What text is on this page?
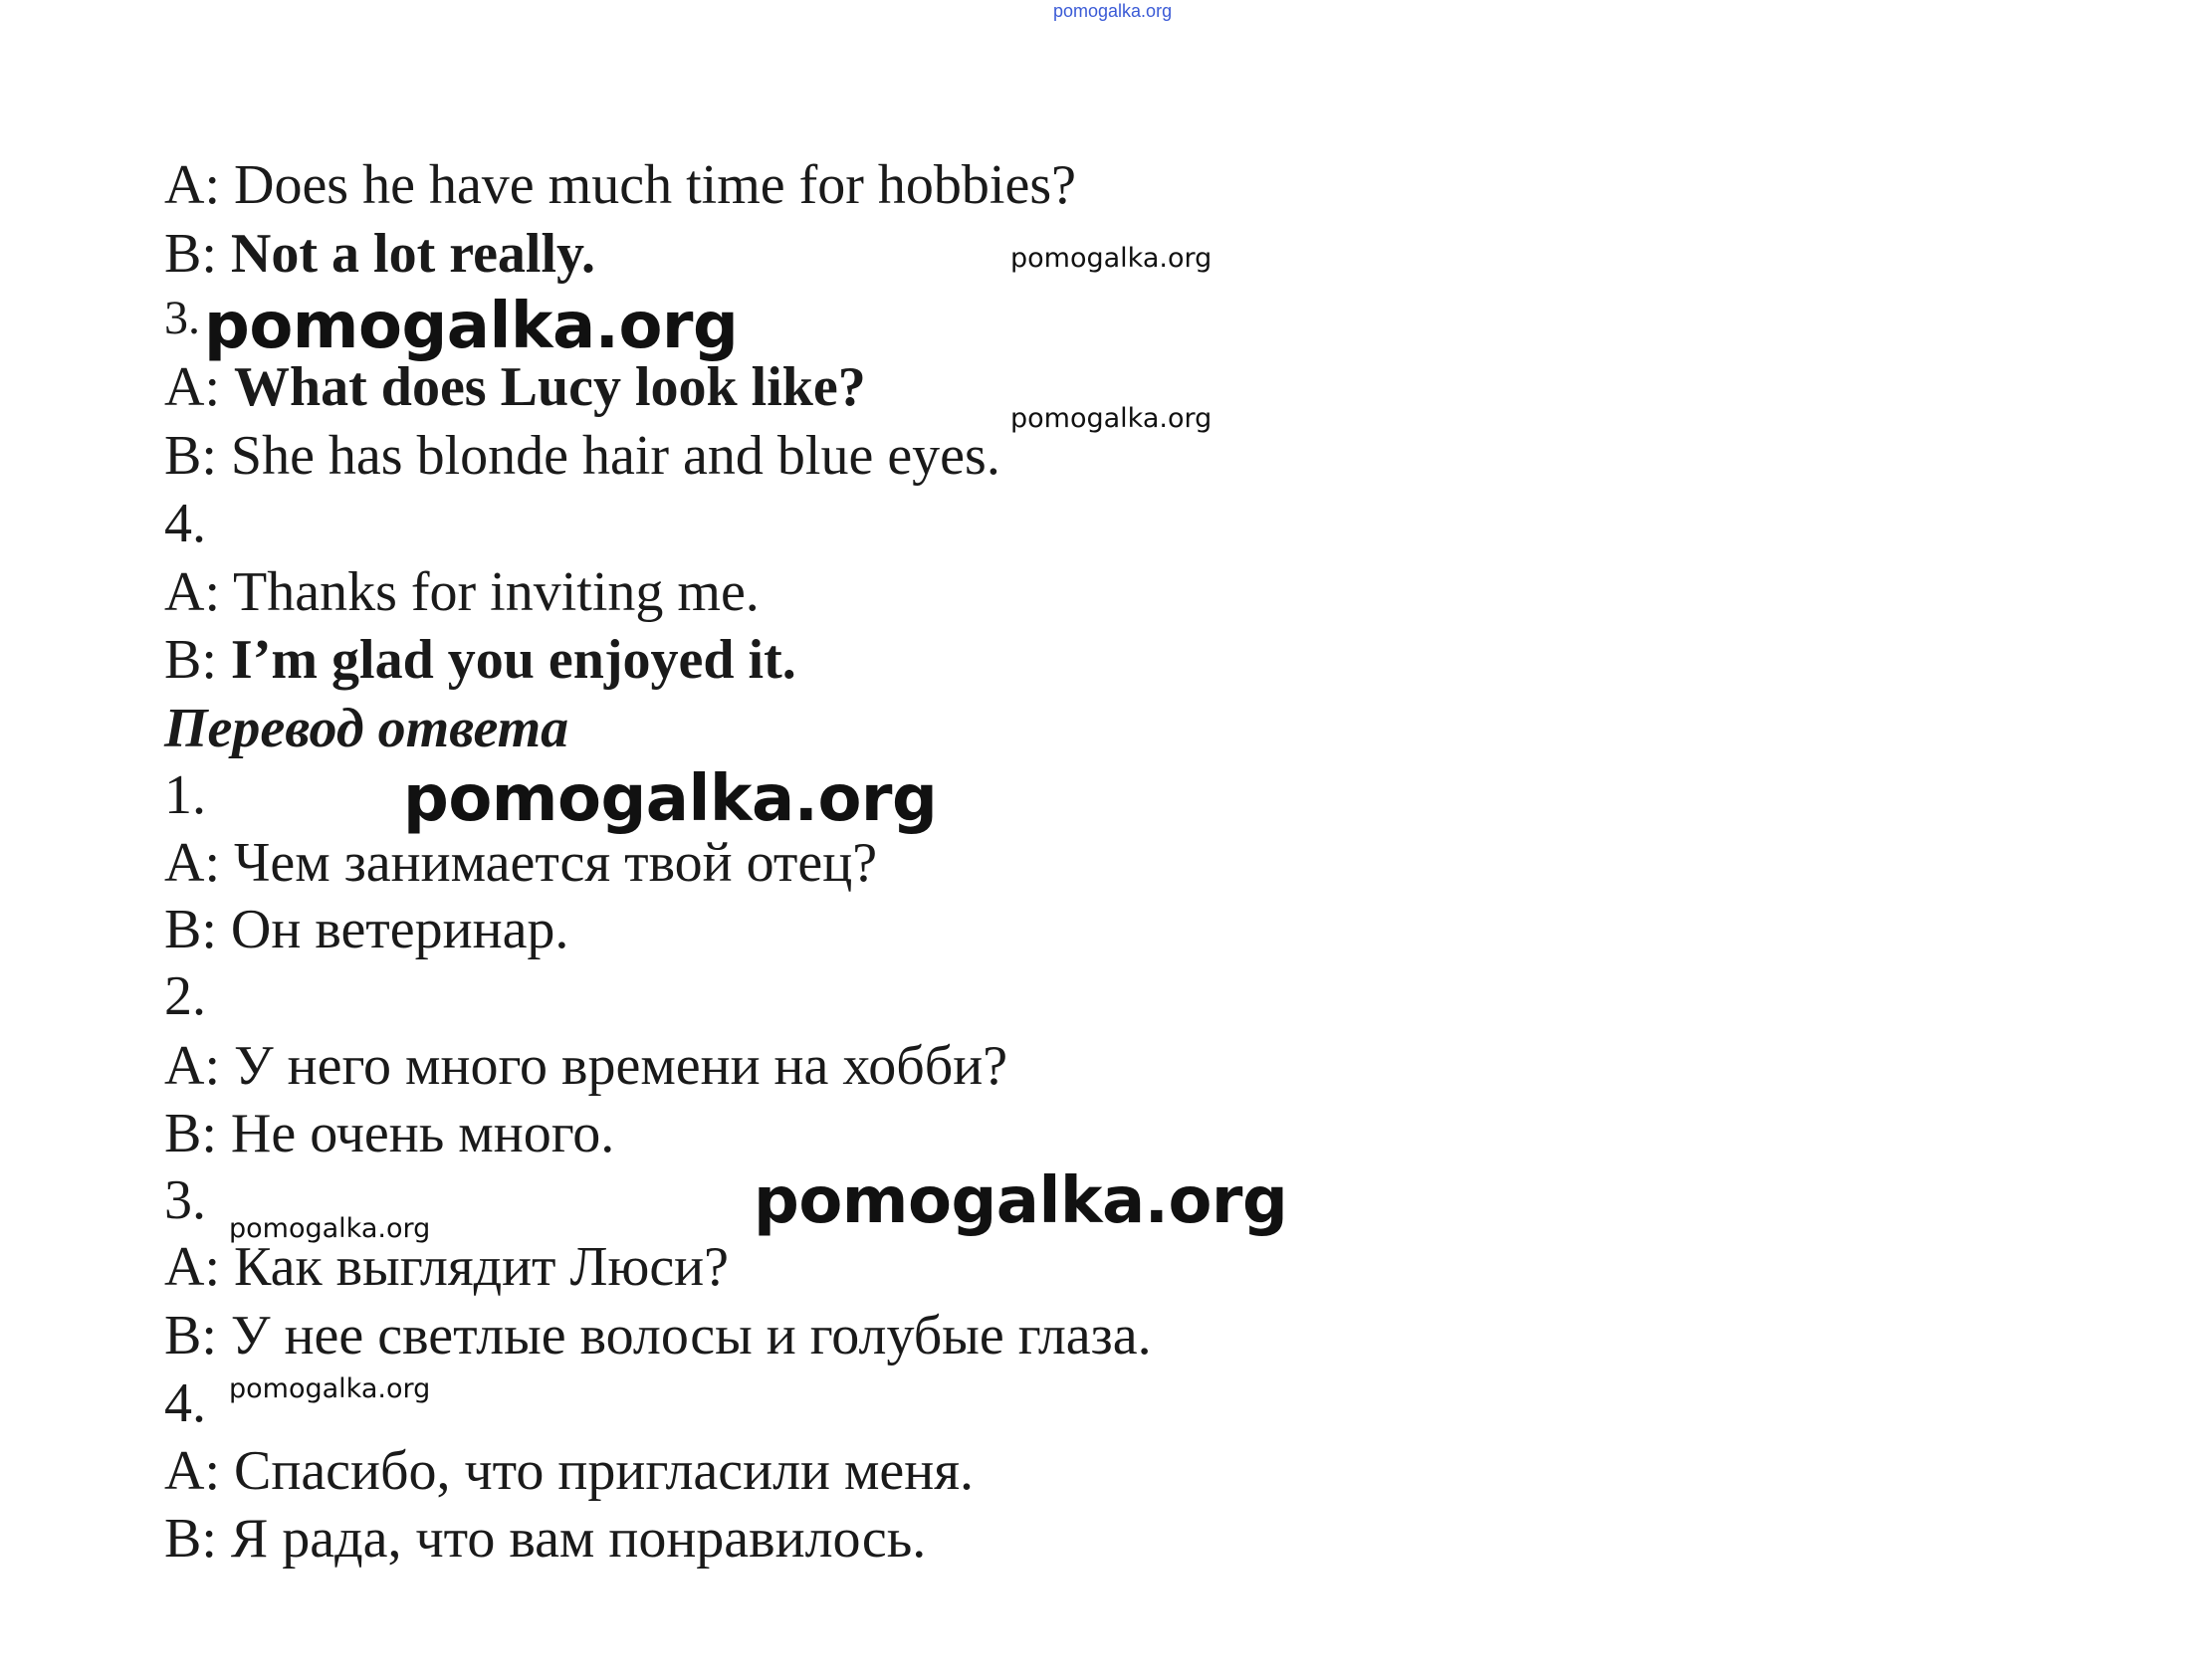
pomogalka.org
A: Does he have much time for hobbies?
B: Not a lot really.
3.
A: What does Lucy look like?
B: She has blonde hair and blue eyes.
4.
A: Thanks for inviting me.
B: I’m glad you enjoyed it.
Перевод ответа
1.
A: Чем занимается твой отец?
B: Он ветеринар.
2.
A: У него много времени на хобби?
B: Не очень много.
3.
A: Как выглядит Люси?
B: У нее светлые волосы и голубые глаза.
4.
A: Спасибо, что пригласили меня.
B: Я рада, что вам понравилось.
pomogalka.org
pomogalka.org
pomogalka.org
pomogalka.org
pomogalka.org
pomogalka.org
pomogalka.org
